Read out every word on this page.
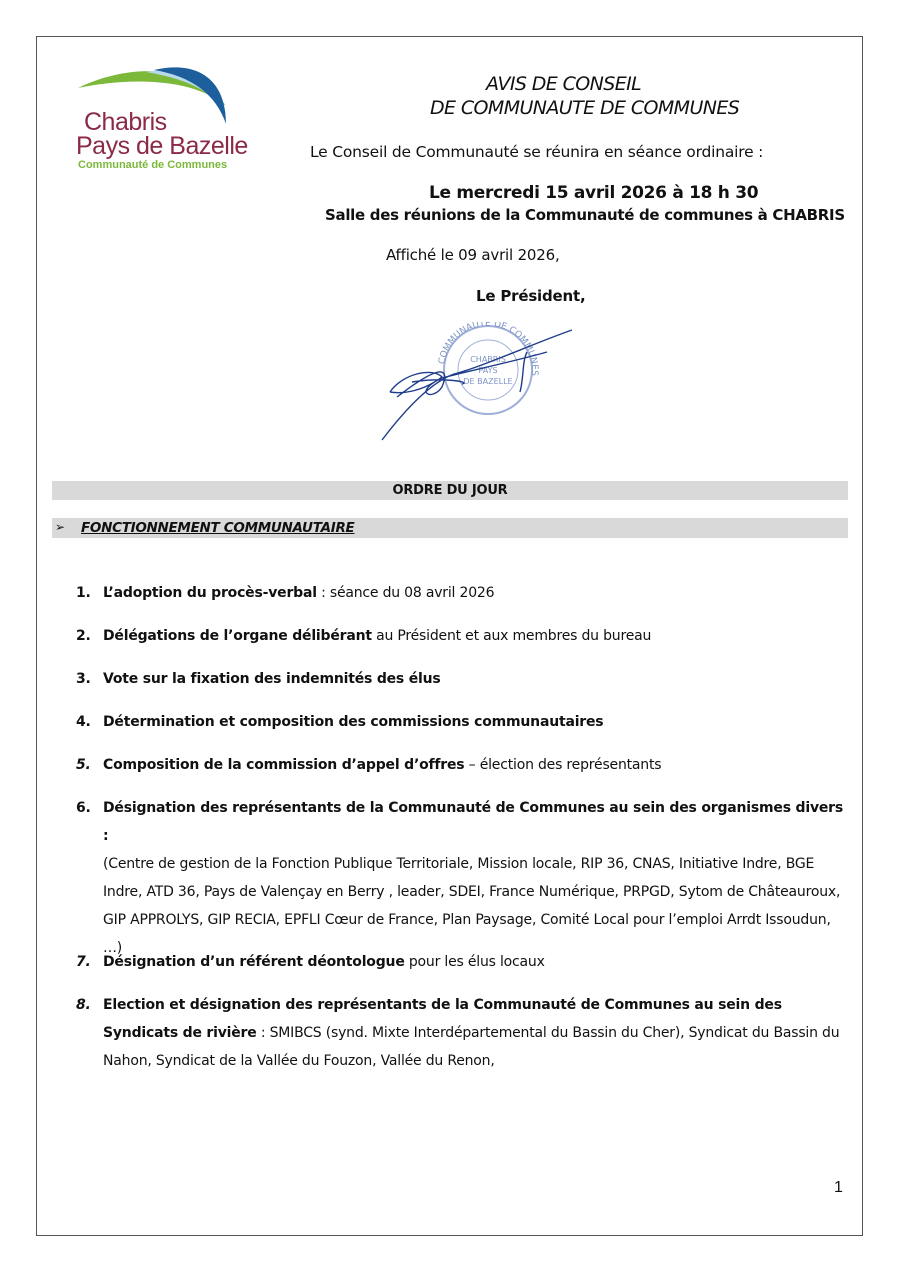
Chabris
Pays de Bazelle
Communauté de Communes
AVIS DE CONSEIL
DE COMMUNAUTE DE COMMUNES
Le Conseil de Communauté se réunira en séance ordinaire :
Le mercredi 15 avril 2026 à 18 h 30
Salle des réunions de la Communauté de communes à CHABRIS
Affiché le 09 avril 2026,
Le Président,
COMMUNAUTE DE COMMUNES
CHABRIS
PAYS
DE BAZELLE
ORDRE DU JOUR
➢ FONCTIONNEMENT COMMUNAUTAIRE
1. L’adoption du procès-verbal : séance du 08 avril 2026
2. Délégations de l’organe délibérant au Président et aux membres du bureau
3. Vote sur la fixation des indemnités des élus
4. Détermination et composition des commissions communautaires
5. Composition de la commission d’appel d’offres – élection des représentants
6. Désignation des représentants de la Communauté de Communes au sein des organismes divers :
(Centre de gestion de la Fonction Publique Territoriale, Mission locale, RIP 36, CNAS, Initiative Indre, BGE Indre, ATD 36, Pays de Valençay en Berry , leader, SDEI, France Numérique, PRPGD, Sytom de Châteauroux, GIP APPROLYS, GIP RECIA, EPFLI Cœur de France, Plan Paysage, Comité Local pour l’emploi Arrdt Issoudun, …)
7. Désignation d’un référent déontologue pour les élus locaux
8. Election et désignation des représentants de la Communauté de Communes au sein des Syndicats de rivière : SMIBCS (synd. Mixte Interdépartemental du Bassin du Cher), Syndicat du Bassin du Nahon, Syndicat de la Vallée du Fouzon, Vallée du Renon,
1
